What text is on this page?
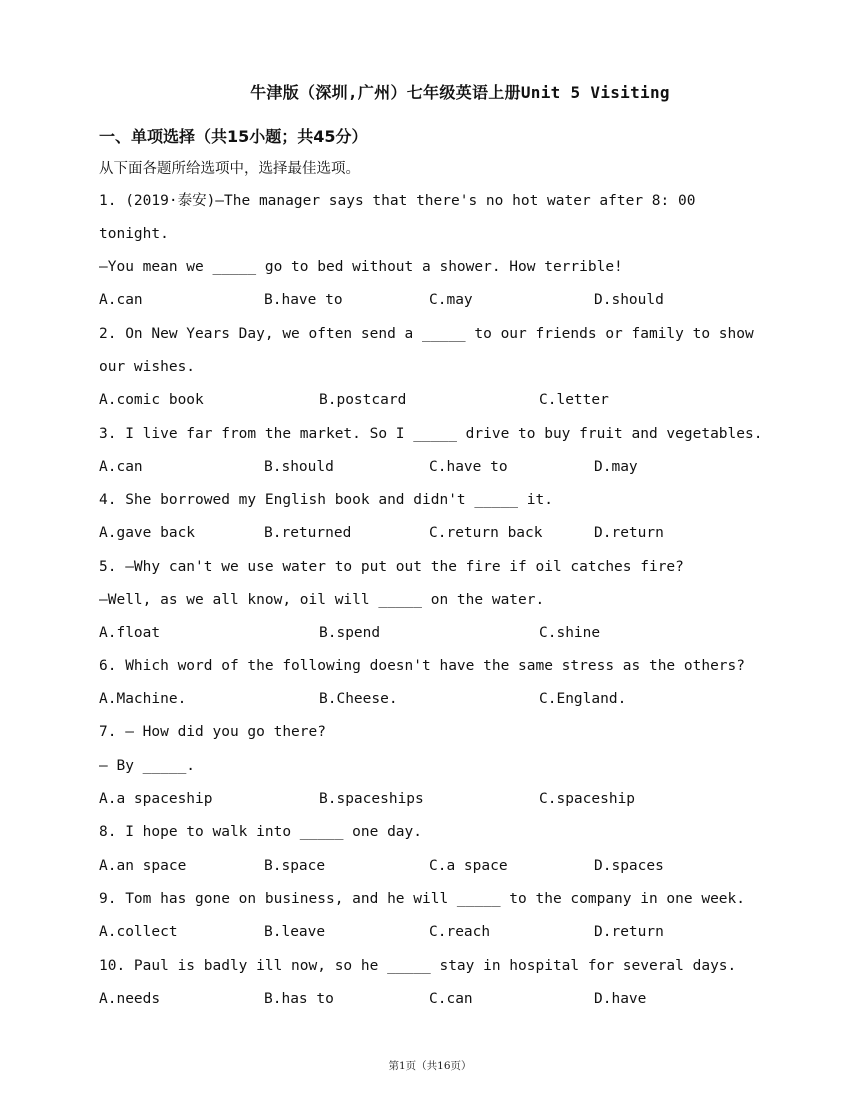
牛津版（深圳,广州）七年级英语上册Unit 5 Visiting
一、单项选择（共15小题；共45分）
从下面各题所给选项中，选择最佳选项。
1. (2019·泰安)—The manager says that there's no hot water after 8: 00
tonight.
—You mean we _____ go to bed without a shower. How terrible!

A.can

	B.have to

	C.may

	D.should

2. On New Years Day, we often send a _____ to our friends or family to show
our wishes.

A.comic book

	B.postcard

	C.letter

3. I live far from the market. So I _____ drive to buy fruit and vegetables.

A.can

	B.should

	C.have to

	D.may

4. She borrowed my English book and didn't _____ it.

A.gave back

	B.returned

	C.return back

	D.return

5. —Why can't we use water to put out the fire if oil catches fire?
—Well, as we all know, oil will _____ on the water.

A.float

	B.spend

	C.shine

6. Which word of the following doesn't have the same stress as the others?

A.Machine.

	B.Cheese.

	C.England.

7. — How did you go there?
— By _____.

A.a spaceship

	B.spaceships

	C.spaceship

8. I hope to walk into _____ one day.

A.an space

	B.space

	C.a space

	D.spaces

9. Tom has gone on business, and he will _____ to the company in one week.

A.collect

	B.leave

	C.reach

	D.return

10. Paul is badly ill now, so he _____ stay in hospital for several days.

A.needs

	B.has to

	C.can

	D.have

第1页（共16页）
